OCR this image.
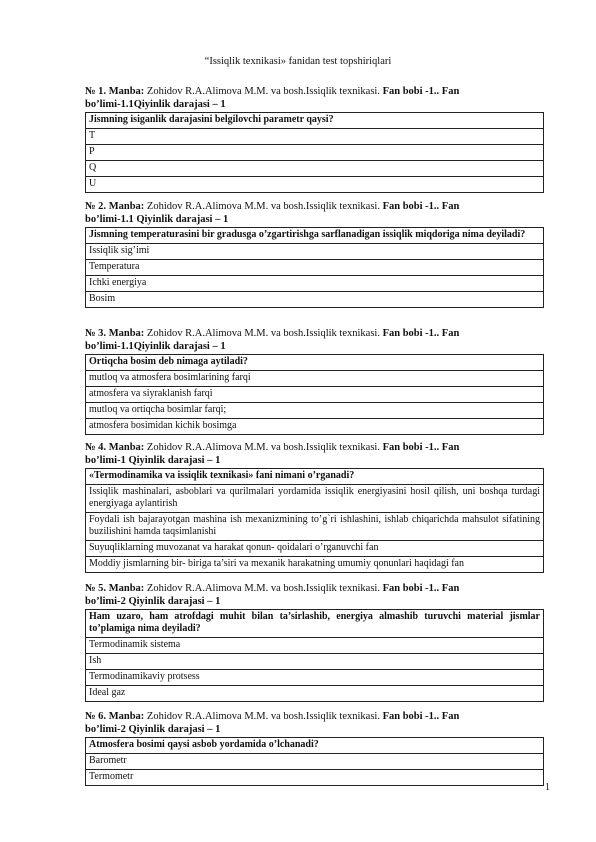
“Issiqlik texnikasi» fanidan test topshiriqlari
№ 1. Manba: Zohidov R.A.Alimova M.M. va bosh.Issiqlik texnikasi. Fan bobi -1.. Fan
bo’limi-1.1Qiyinlik darajasi – 1
Jismning isiganlik darajasini belgilovchi parametr qaysi?
T
P
Q
U
№ 2. Manba: Zohidov R.A.Alimova M.M. va bosh.Issiqlik texnikasi. Fan bobi -1.. Fan
bo’limi-1.1 Qiyinlik darajasi – 1
Jismning temperaturasini bir gradusga o’zgartirishga sarflanadigan issiqlik miqdoriga nima deyiladi?
Issiqlik sig’imi
Temperatura
Ichki energiya
Bosim
№ 3. Manba: Zohidov R.A.Alimova M.M. va bosh.Issiqlik texnikasi. Fan bobi -1.. Fan
bo’limi-1.1Qiyinlik darajasi – 1
Ortiqcha bosim deb nimaga aytiladi?
mutloq va atmosfera bosimlarining farqi
atmosfera va siyraklanish farqi
mutloq va ortiqcha bosimlar farqi;
atmosfera bosimidan kichik bosimga
№ 4. Manba: Zohidov R.A.Alimova M.M. va bosh.Issiqlik texnikasi. Fan bobi -1.. Fan
bo’limi-1 Qiyinlik darajasi – 1
«Termodinamika va issiqlik texnikasi» fani nimani o’rganadi?
Issiqlik mashinalari, asboblari va qurilmalari yordamida issiqlik energiyasini hosil qilish, uni boshqa turdagi energiyaga aylantirish
Foydali ish bajarayotgan mashina ish mexanizmining to’g`ri ishlashini, ishlab chiqarichda mahsulot sifatining buzilishini hamda taqsimlanishi
Suyuqliklarning muvozanat va harakat qonun- qoidalari o’rganuvchi fan
Moddiy jismlarning bir- biriga ta’siri va mexanik harakatning umumiy qonunlari haqidagi fan
№ 5. Manba: Zohidov R.A.Alimova M.M. va bosh.Issiqlik texnikasi. Fan bobi -1.. Fan
bo’limi-2 Qiyinlik darajasi – 1
Ham uzaro, ham atrofdagi muhit bilan ta’sirlashib, energiya almashib turuvchi material jismlar to’plamiga nima deyiladi?
Termodinamik sistema
Ish
Termodinamikaviy protsess
Ideal gaz
№ 6. Manba: Zohidov R.A.Alimova M.M. va bosh.Issiqlik texnikasi. Fan bobi -1.. Fan
bo’limi-2 Qiyinlik darajasi – 1
Atmosfera bosimi qaysi asbob yordamida o’lchanadi?
Barometr
Termometr
1
